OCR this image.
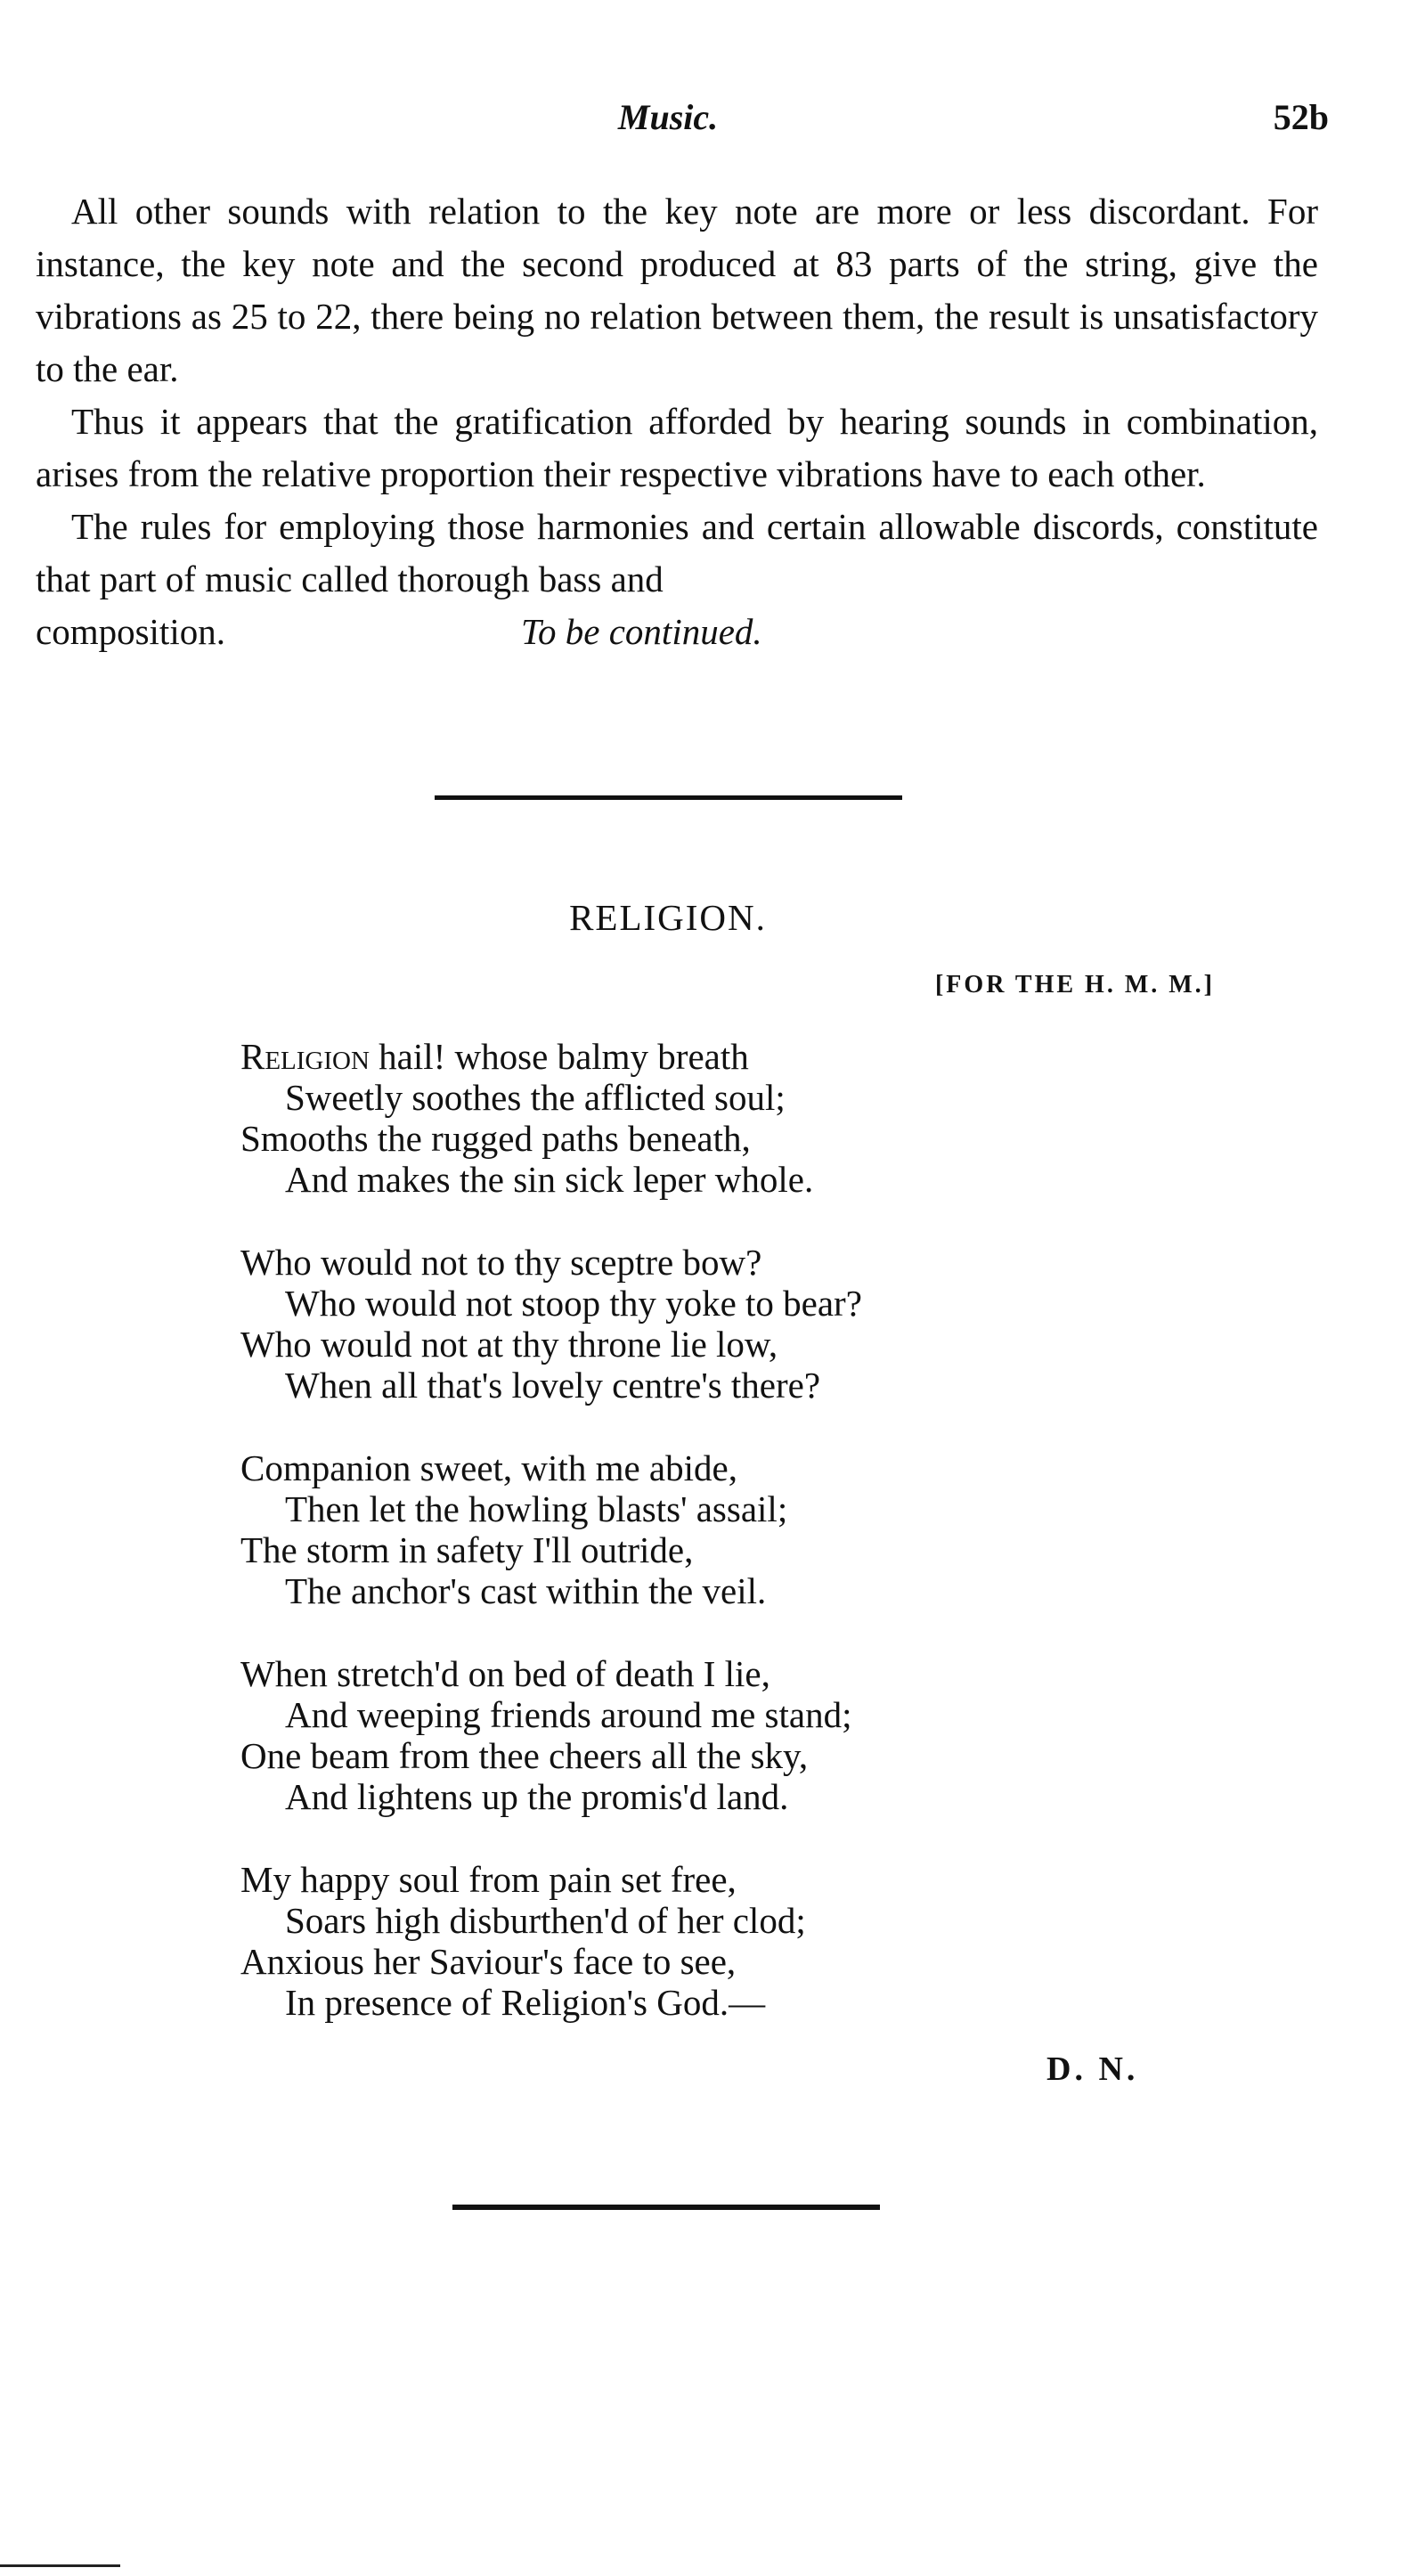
Music.	52b

All other sounds with relation to the key note are more or less discordant. For instance, the key note and the second produced at 83 parts of the string, give the vibrations as 25 to 22, there being no relation between them, the result is unsatisfactory to the ear.

Thus it appears that the gratification afforded by hearing sounds in combination, arises from the relative proportion their respective vibrations have to each other.

The rules for employing those harmonies and certain allowable discords, constitute that part of music called thorough bass and

composition.	To be continued.
RELIGION.
[FOR THE H. M. M.]
Religion hail! whose balmy breath
Sweetly soothes the afflicted soul;
Smooths the rugged paths beneath,
And makes the sin sick leper whole.
Who would not to thy sceptre bow?
Who would not stoop thy yoke to bear?
Who would not at thy throne lie low,
When all that's lovely centre's there?
Companion sweet, with me abide,
Then let the howling blasts' assail;
The storm in safety I'll outride,
The anchor's cast within the veil.
When stretch'd on bed of death I lie,
And weeping friends around me stand;
One beam from thee cheers all the sky,
And lightens up the promis'd land.
My happy soul from pain set free,
Soars high disburthen'd of her clod;
Anxious her Saviour's face to see,
In presence of Religion's God.—
D. N.
